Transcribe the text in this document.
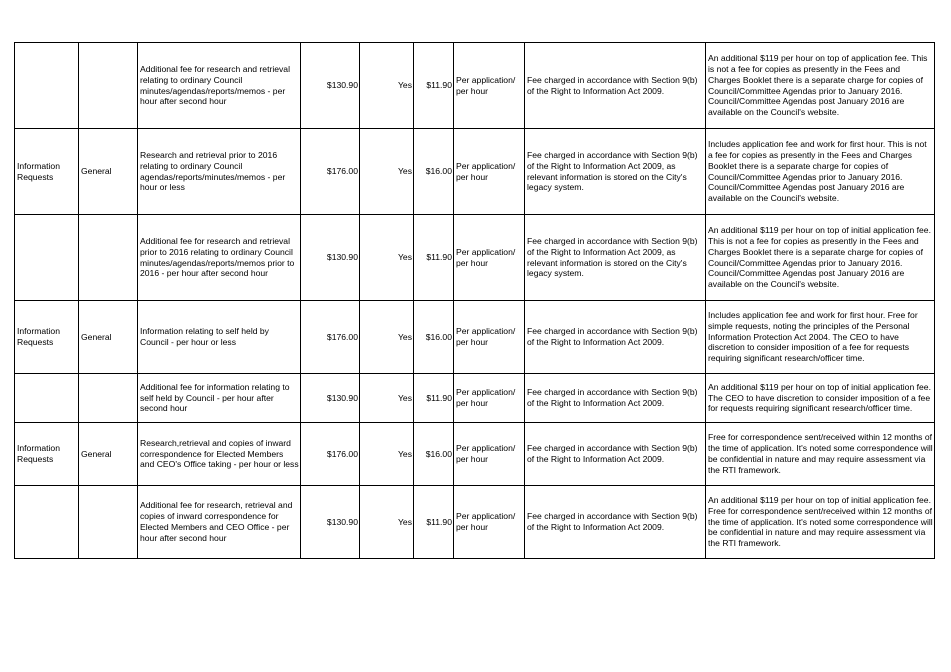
		Additional fee for research and retrieval relating to ordinary Council minutes/agendas/reports/memos - per hour after second hour	$130.90	Yes	$11.90	Per application/ per hour	Fee charged in accordance with Section 9(b) of the Right to Information Act 2009.	An additional $119 per hour on top of application fee. This is not a fee for copies as presently in the Fees and Charges Booklet there is a separate charge for copies of Council/Committee Agendas prior to January 2016. Council/Committee Agendas post January 2016 are available on the Council's website.
Information Requests	General	Research and retrieval prior to 2016 relating to ordinary Council agendas/reports/minutes/memos - per hour or less	$176.00	Yes	$16.00	Per application/ per hour	Fee charged in accordance with Section 9(b) of the Right to Information Act 2009, as relevant information is stored on the City's legacy system.	Includes application fee and work for first hour. This is not a fee for copies as presently in the Fees and Charges Booklet there is a separate charge for copies of Council/Committee Agendas prior to January 2016. Council/Committee Agendas post January 2016 are available on the Council's website.
		Additional fee for research and retrieval prior to 2016 relating to ordinary Council minutes/agendas/reports/memos prior to 2016 - per hour after second hour	$130.90	Yes	$11.90	Per application/ per hour	Fee charged in accordance with Section 9(b) of the Right to Information Act 2009, as relevant information is stored on the City's legacy system.	An additional $119 per hour on top of initial application fee. This is not a fee for copies as presently in the Fees and Charges Booklet there is a separate charge for copies of Council/Committee Agendas prior to January 2016. Council/Committee Agendas post January 2016 are available on the Council's website.
Information Requests	General	Information relating to self held by Council - per hour or less	$176.00	Yes	$16.00	Per application/ per hour	Fee charged in accordance with Section 9(b) of the Right to Information Act 2009.	Includes application fee and work for first hour. Free for simple requests, noting the principles of the Personal Information Protection Act 2004. The CEO to have discretion to consider imposition of a fee for requests requiring significant research/officer time.
		Additional fee for information relating to self held by Council - per hour after second hour	$130.90	Yes	$11.90	Per application/ per hour	Fee charged in accordance with Section 9(b) of the Right to Information Act 2009.	An additional $119 per hour on top of initial application fee. The CEO to have discretion to consider imposition of a fee for requests requiring significant research/officer time.
Information Requests	General	Research,retrieval and copies of inward correspondence for Elected Members and CEO's Office taking - per hour or less	$176.00	Yes	$16.00	Per application/ per hour	Fee charged in accordance with Section 9(b) of the Right to Information Act 2009.	Free for correspondence sent/received within 12 months of the time of application. It's noted some correspondence will be confidential in nature and may require assessment via the RTI framework.
		Additional fee for research, retrieval and copies of inward correspondence for Elected Members and CEO Office - per hour after second hour	$130.90	Yes	$11.90	Per application/ per hour	Fee charged in accordance with Section 9(b) of the Right to Information Act 2009.	An additional $119 per hour on top of initial application fee. Free for correspondence sent/received within 12 months of the time of application. It's noted some correspondence will be confidential in nature and may require assessment via the RTI framework.
